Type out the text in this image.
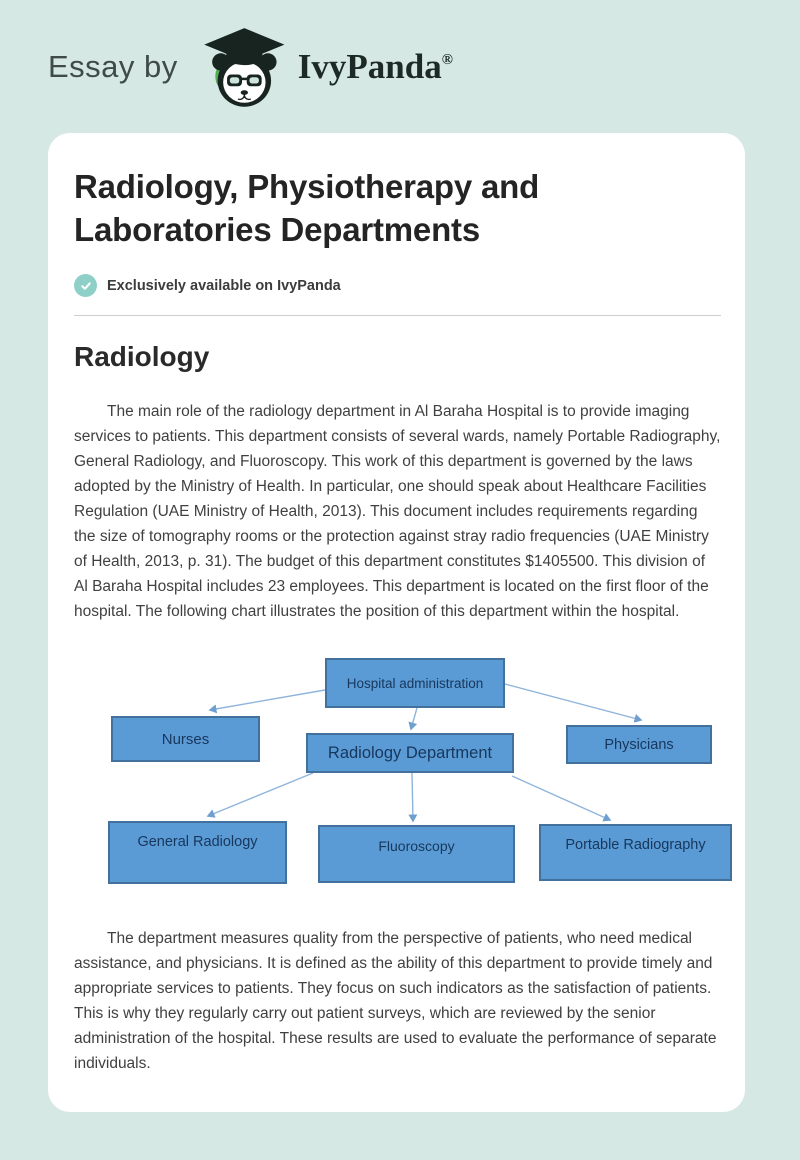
Essay by	IvyPanda®
Radiology, Physiotherapy and Laboratories Departments
Exclusively available on IvyPanda
Radiology

The main role of the radiology department in Al Baraha Hospital is to provide imaging services to patients. This department consists of several wards, namely Portable Radiography, General Radiology, and Fluoroscopy. This work of this department is governed by the laws adopted by the Ministry of Health. In particular, one should speak about Healthcare Facilities Regulation (UAE Ministry of Health, 2013). This document includes requirements regarding the size of tomography rooms or the protection against stray radio frequencies (UAE Ministry of Health, 2013, p. 31). The budget of this department constitutes $1405500. This division of Al Baraha Hospital includes 23 employees. This department is located on the first floor of the hospital. The following chart illustrates the position of this department within the hospital.

Hospital administration
Nurses
Radiology Department	Physicians
General Radiology	Fluoroscopy	Portable Radiography

The department measures quality from the perspective of patients, who need medical assistance, and physicians. It is defined as the ability of this department to provide timely and appropriate services to patients. They focus on such indicators as the satisfaction of patients. This is why they regularly carry out patient surveys, which are reviewed by the senior administration of the hospital. These results are used to evaluate the performance of separate individuals.
